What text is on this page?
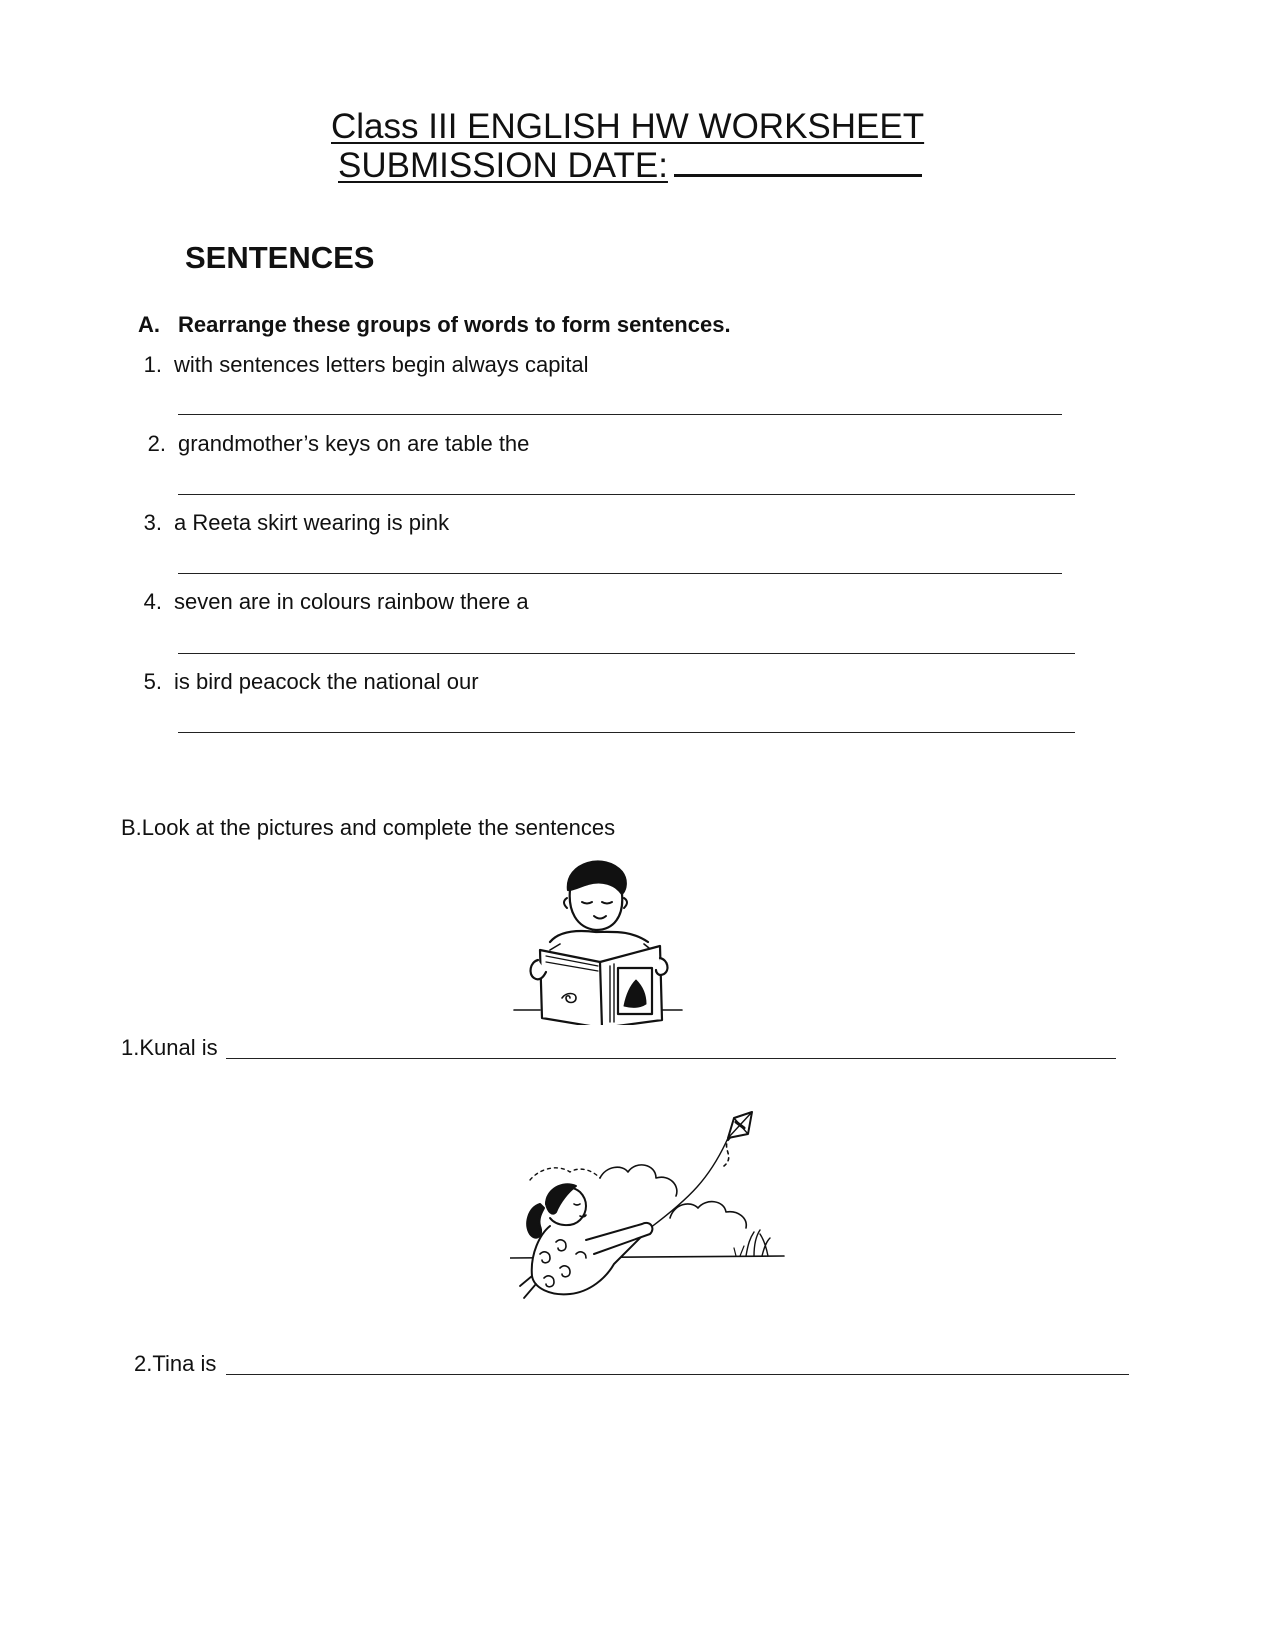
Class III ENGLISH HW WORKSHEET
SUBMISSION DATE:
SENTENCES
A. Rearrange these groups of words to form sentences.
1. with sentences letters begin always capital
2. grandmother’s keys on are table the
3. a Reeta skirt wearing is pink
4. seven are in colours rainbow there a
5. is bird peacock the national our
B.Look at the pictures and complete the sentences
1.Kunal is
2.Tina is
